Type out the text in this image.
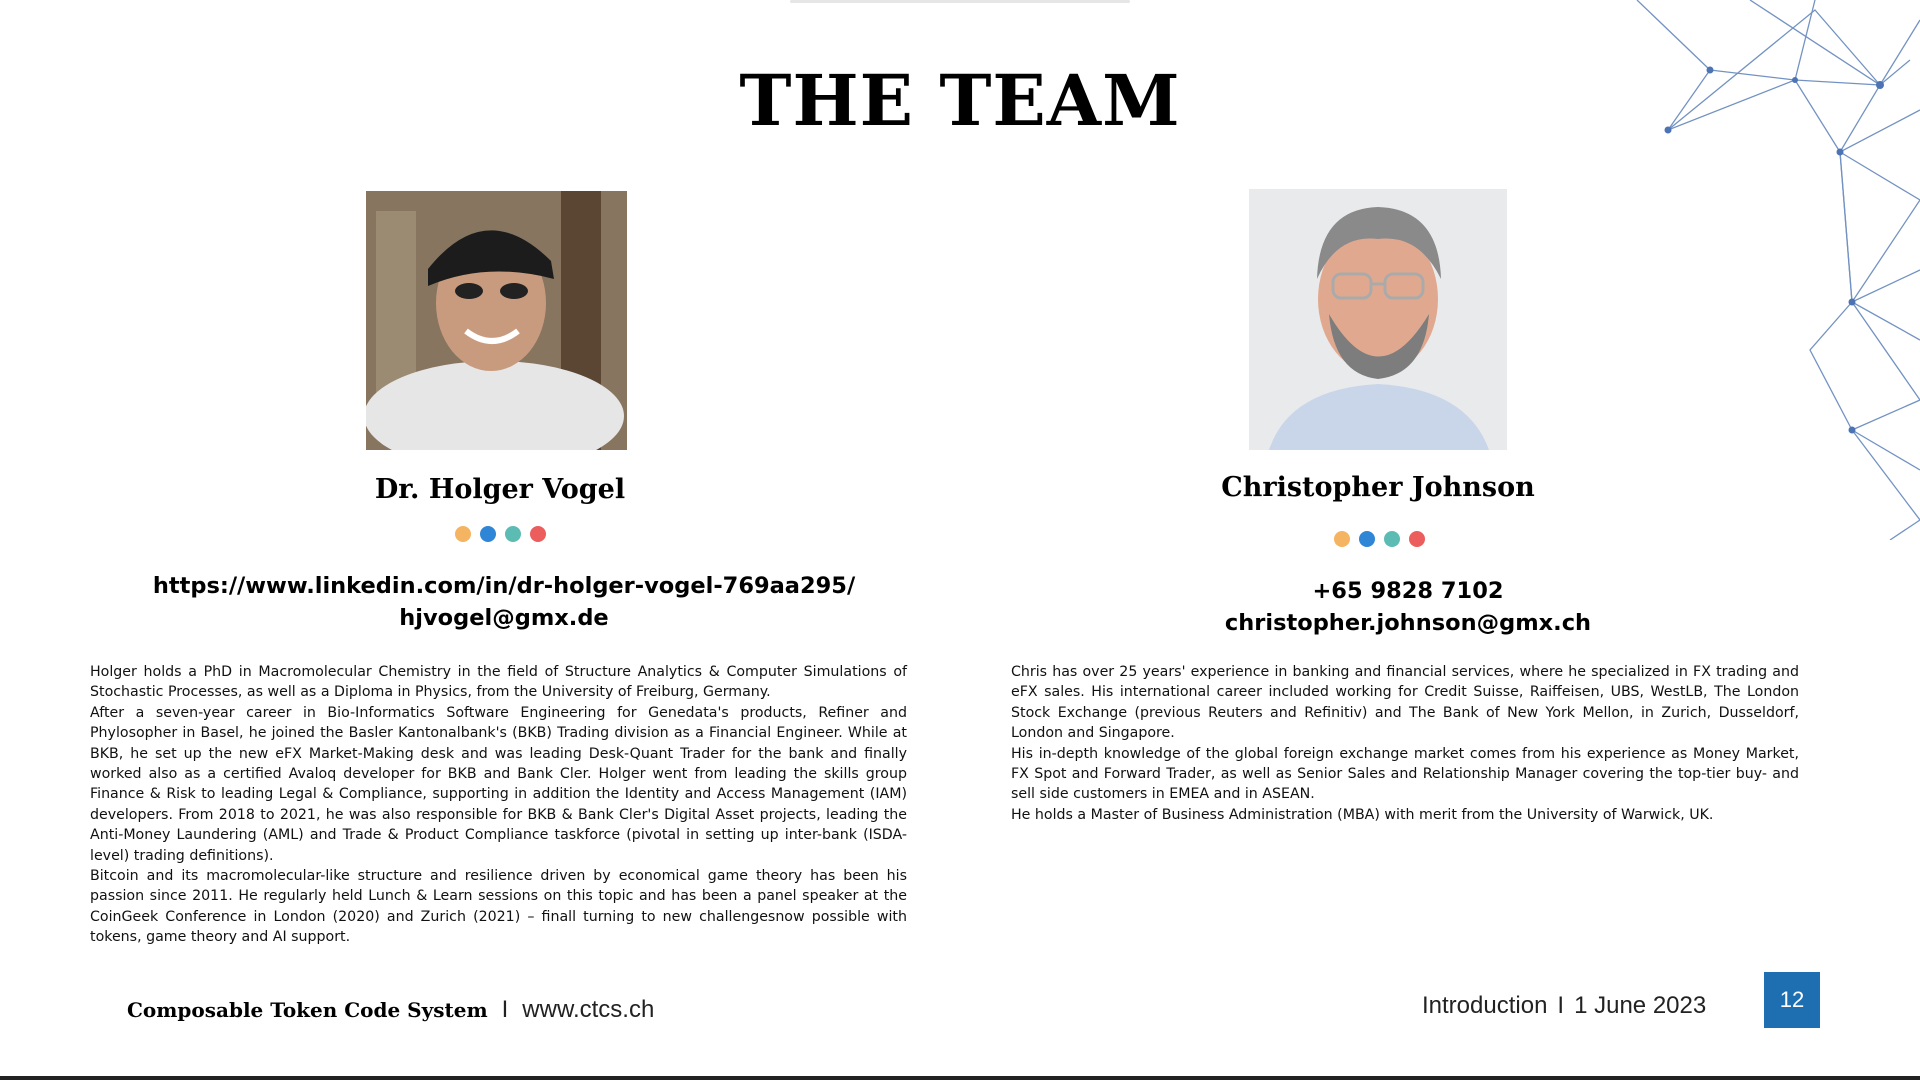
THE TEAM
Dr. Holger Vogel	Christopher Johnson
https://www.linkedin.com/in/dr-holger-vogel-769aa295/
hjvogel@gmx.de
+65 9828 7102
christopher.johnson@gmx.ch

Holger holds a PhD in Macromolecular Chemistry in the field of Structure Analytics & Computer Simulations of Stochastic Processes, as well as a Diploma in Physics, from the University of Freiburg, Germany.

After a seven-year career in Bio-Informatics Software Engineering for Genedata's products, Refiner and Phylosopher in Basel, he joined the Basler Kantonalbank's (BKB) Trading division as a Financial Engineer. While at BKB, he set up the new eFX Market-Making desk and was leading Desk-Quant Trader for the bank and finally worked also as a certified Avaloq developer for BKB and Bank Cler. Holger went from leading the skills group Finance & Risk to leading Legal & Compliance, supporting in addition the Identity and Access Management (IAM) developers. From 2018 to 2021, he was also responsible for BKB & Bank Cler's Digital Asset projects, leading the Anti-Money Laundering (AML) and Trade & Product Compliance taskforce (pivotal in setting up inter-bank (ISDA-level) trading definitions).

Bitcoin and its macromolecular-like structure and resilience driven by economical game theory has been his passion since 2011. He regularly held Lunch & Learn sessions on this topic and has been a panel speaker at the CoinGeek Conference in London (2020) and Zurich (2021) – finall turning to new challengesnow possible with tokens, game theory and AI support.

Chris has over 25 years' experience in banking and financial services, where he specialized in FX trading and eFX sales. His international career included working for Credit Suisse, Raiffeisen, UBS, WestLB, The London Stock Exchange (previous Reuters and Refinitiv) and The Bank of New York Mellon, in Zurich, Dusseldorf, London and Singapore.

His in-depth knowledge of the global foreign exchange market comes from his experience as Money Market, FX Spot and Forward Trader, as well as Senior Sales and Relationship Manager covering the top-tier buy- and sell side customers in EMEA and in ASEAN.

He holds a Master of Business Administration (MBA) with merit from the University of Warwick, UK.

Composable Token Code System I www.ctcs.ch	Introduction I 1 June 2023	12
